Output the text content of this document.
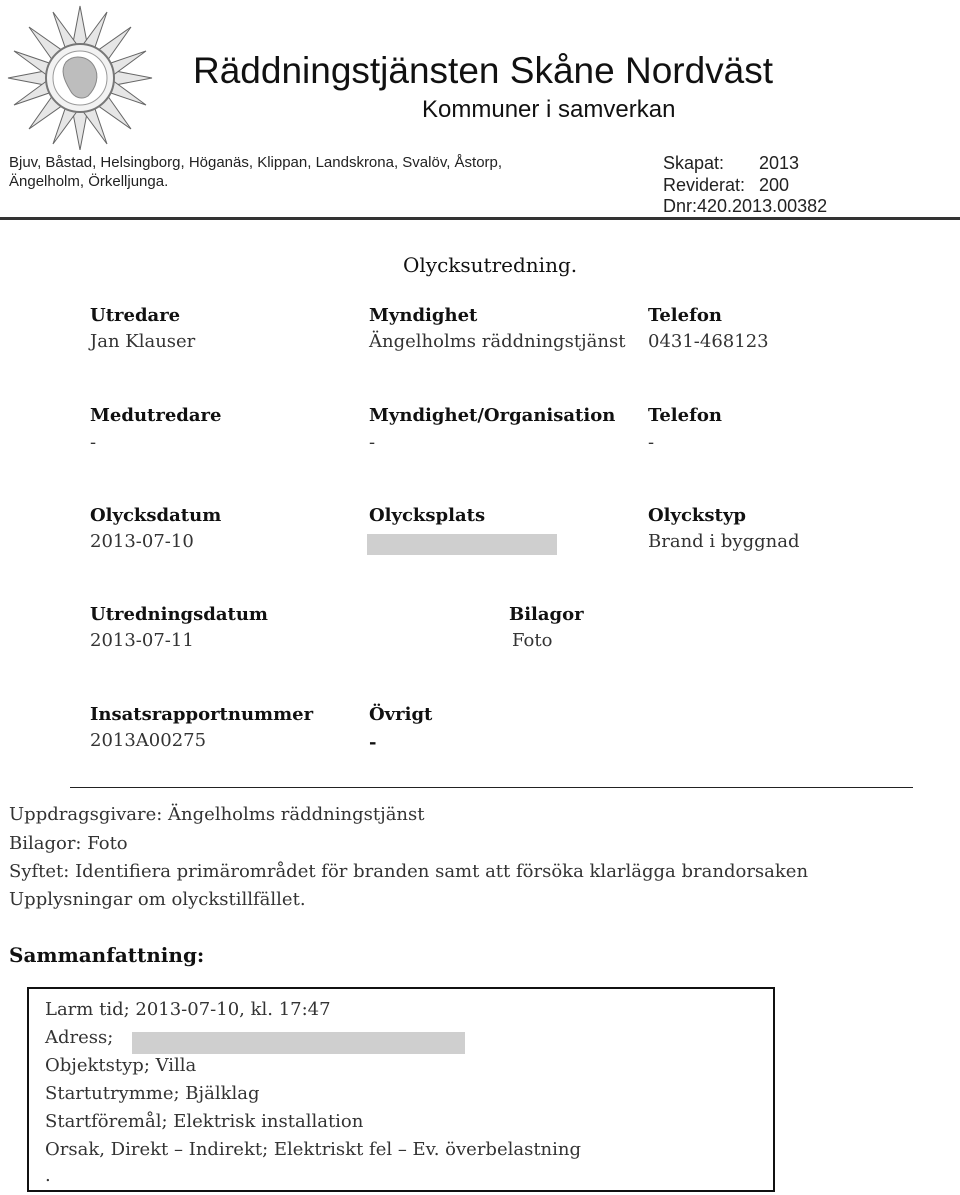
Räddningstjänsten Skåne Nordväst
Kommuner i samverkan
Bjuv, Båstad, Helsingborg, Höganäs, Klippan, Landskrona, Svalöv, Åstorp,
Ängelholm, Örkelljunga.
Skapat: 2013
Reviderat: 200
Dnr:420.2013.00382
Olycksutredning.
Utredare
Jan Klauser
Myndighet
Ängelholms räddningstjänst
Telefon
0431-468123
Medutredare
-
Myndighet/Organisation
-
Telefon
-
Olycksdatum
2013-07-10
Olycksplats	Olyckstyp
Brand i byggnad
Utredningsdatum
2013-07-11
Bilagor
Foto
Insatsrapportnummer
2013A00275
Övrigt
-
Uppdragsgivare: Ängelholms räddningstjänst
Bilagor: Foto
Syftet: Identifiera primärområdet för branden samt att försöka klarlägga brandorsaken
Upplysningar om olyckstillfället.
Sammanfattning:
Larm tid; 2013-07-10, kl. 17:47
Adress;
Objektstyp; Villa
Startutrymme; Bjälklag
Startföremål; Elektrisk installation
Orsak, Direkt – Indirekt; Elektriskt fel – Ev. överbelastning
.
